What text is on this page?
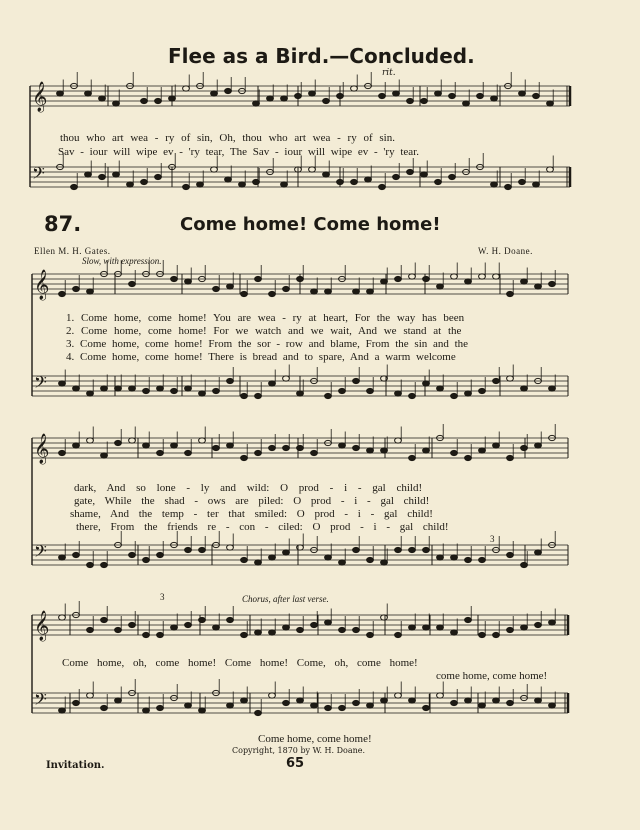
𝄞
𝄢
𝄞
𝄢
𝄞
𝄢
𝄞
𝄢
Flee as a Bird.—Concluded.
rit.
thou who art wea - ry of sin, Oh, thou who art wea - ry of sin.
Sav - iour will wipe ev - 'ry tear, The Sav - iour will wipe ev - 'ry tear.
87.	Come home! Come home!
Ellen M. H. Gates.	W. H. Doane.
Slow, with expression.
1. Come home, come home! You are wea - ry at heart, For the way has been
2. Come home, come home! For we watch and we wait, And we stand at the
3. Come home, come home! From the sor - row and blame, From the sin and the
4. Come home, come home! There is bread and to spare, And a warm welcome
dark, And so lone - ly and wild: O prod - i - gal child!
gate, While the shad - ows are piled: O prod - i - gal child!
shame, And the temp - ter that smiled: O prod - i - gal child!
there, From the friends re - con - ciled: O prod - i - gal child!
3
3	Chorus, after last verse.
Come home, oh, come home! Come home! Come, oh, come home!
come home, come home!
Come home, come home!
Copyright, 1870 by W. H. Doane.
65
Invitation.
